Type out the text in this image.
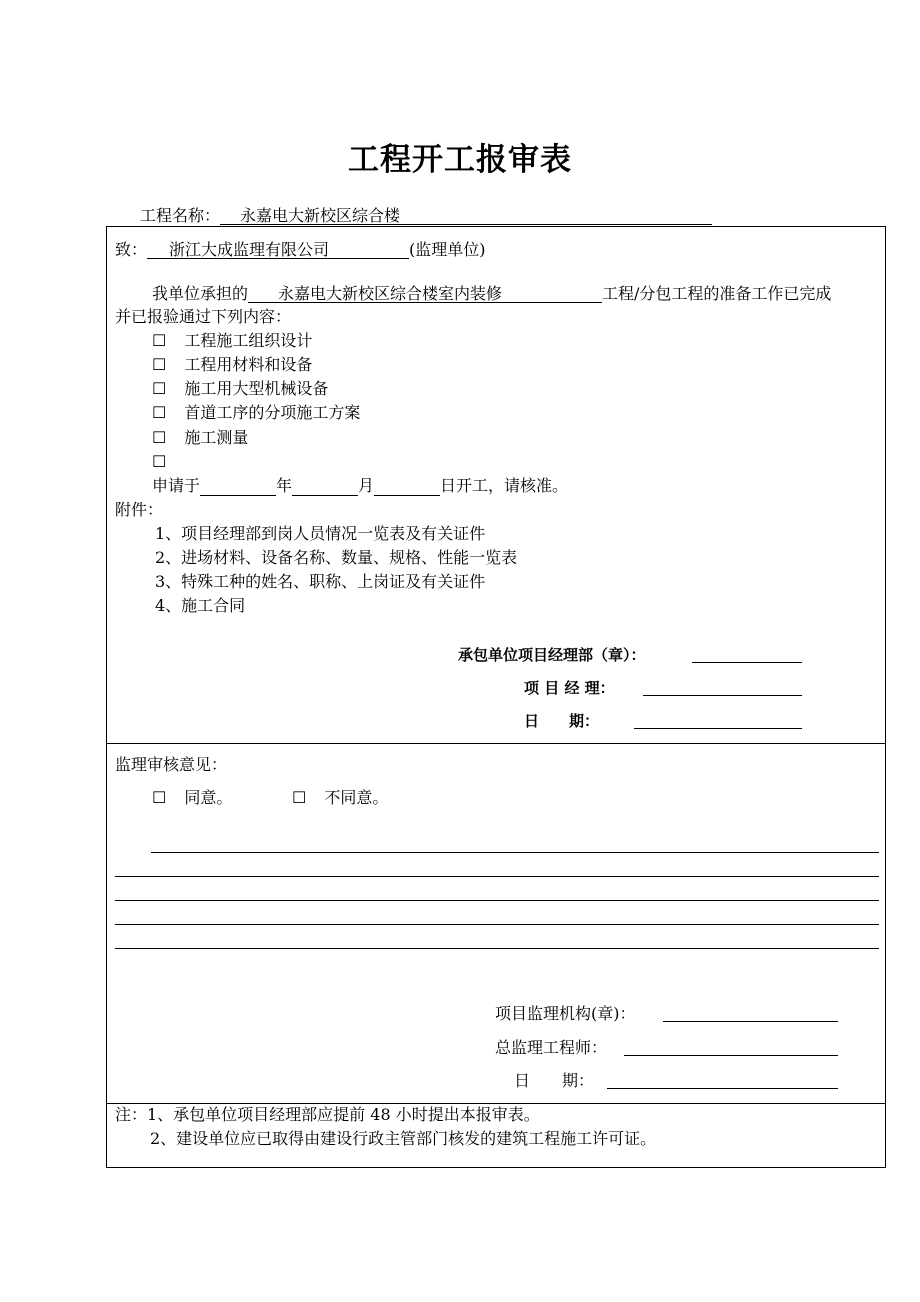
工程开工报审表
工程名称： 永嘉电大新校区综合楼
致： 浙江大成监理有限公司	(监理单位)
我单位承担的 永嘉电大新校区综合楼室内装修	工程/分包工程的准备工作已完成
并已报验通过下列内容：
☐ 工程施工组织设计
☐ 工程用材料和设备
☐ 施工用大型机械设备
☐ 首道工序的分项施工方案
☐ 施工测量
☐
申请于	年	月	日开工，请核准。
附件：
1、项目经理部到岗人员情况一览表及有关证件
2、进场材料、设备名称、数量、规格、性能一览表
3、特殊工种的姓名、职称、上岗证及有关证件
4、施工合同
承包单位项目经理部（章）：
项 目 经 理：
日　　期：
监理审核意见：
☐ 同意。	☐ 不同意。
项目监理机构(章)：
总监理工程师：
日　　期：
注：1、承包单位项目经理部应提前 48 小时提出本报审表。
2、建设单位应已取得由建设行政主管部门核发的建筑工程施工许可证。
